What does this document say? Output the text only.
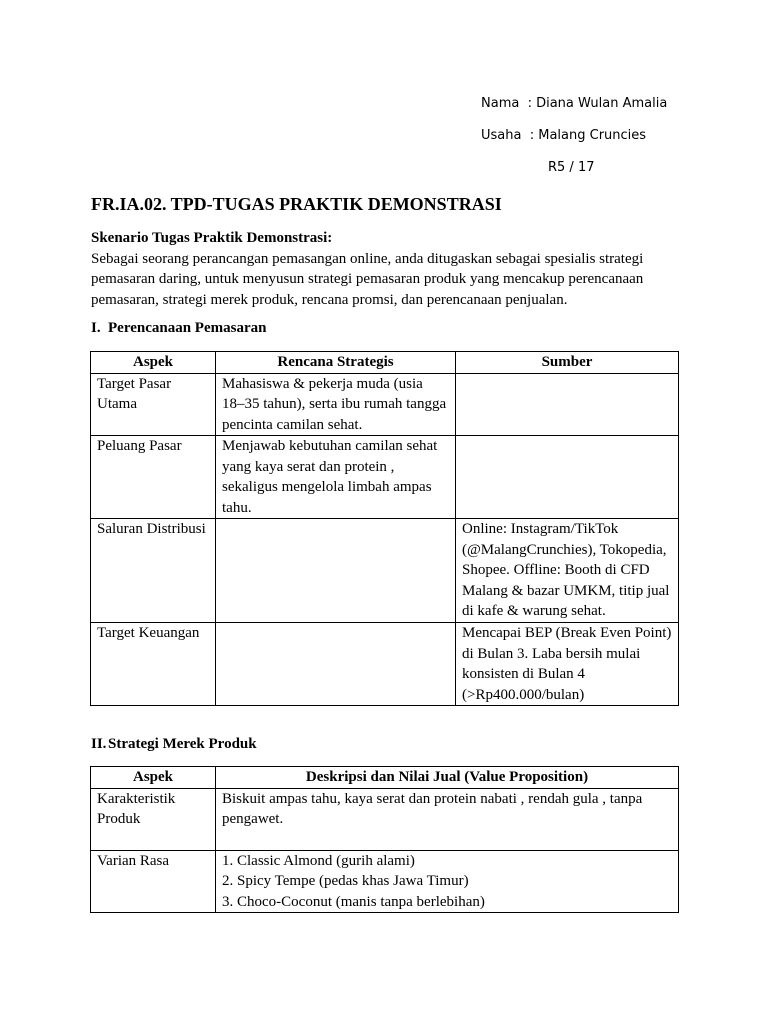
Nama  : Diana Wulan Amalia
Usaha  : Malang Cruncies
R5 / 17
FR.IA.02. TPD-TUGAS PRAKTIK DEMONSTRASI
Skenario Tugas Praktik Demonstrasi:
Sebagai seorang perancangan pemasangan online, anda ditugaskan sebagai spesialis strategi pemasaran daring, untuk menyusun strategi pemasaran produk yang mencakup perencanaan pemasaran, strategi merek produk, rencana promsi, dan perencanaan penjualan.
I. Perencanaan Pemasaran
Aspek	Rencana Strategis	Sumber
Target Pasar Utama	Mahasiswa & pekerja muda (usia 18–35 tahun), serta ibu rumah tangga pencinta camilan sehat.	
Peluang Pasar	Menjawab kebutuhan camilan sehat yang kaya serat dan protein , sekaligus mengelola limbah ampas tahu.	
Saluran Distribusi		Online: Instagram/TikTok (@MalangCrunchies), Tokopedia, Shopee. Offline: Booth di CFD Malang & bazar UMKM, titip jual di kafe & warung sehat.
Target Keuangan		Mencapai BEP (Break Even Point) di Bulan 3. Laba bersih mulai konsisten di Bulan 4 (>Rp400.000/bulan)
II. Strategi Merek Produk
Aspek	Deskripsi dan Nilai Jual (Value Proposition)
Karakteristik Produk	Biskuit ampas tahu, kaya serat dan protein nabati , rendah gula , tanpa pengawet.
Varian Rasa	1. Classic Almond (gurih alami)
2. Spicy Tempe (pedas khas Jawa Timur)
3. Choco-Coconut (manis tanpa berlebihan)
